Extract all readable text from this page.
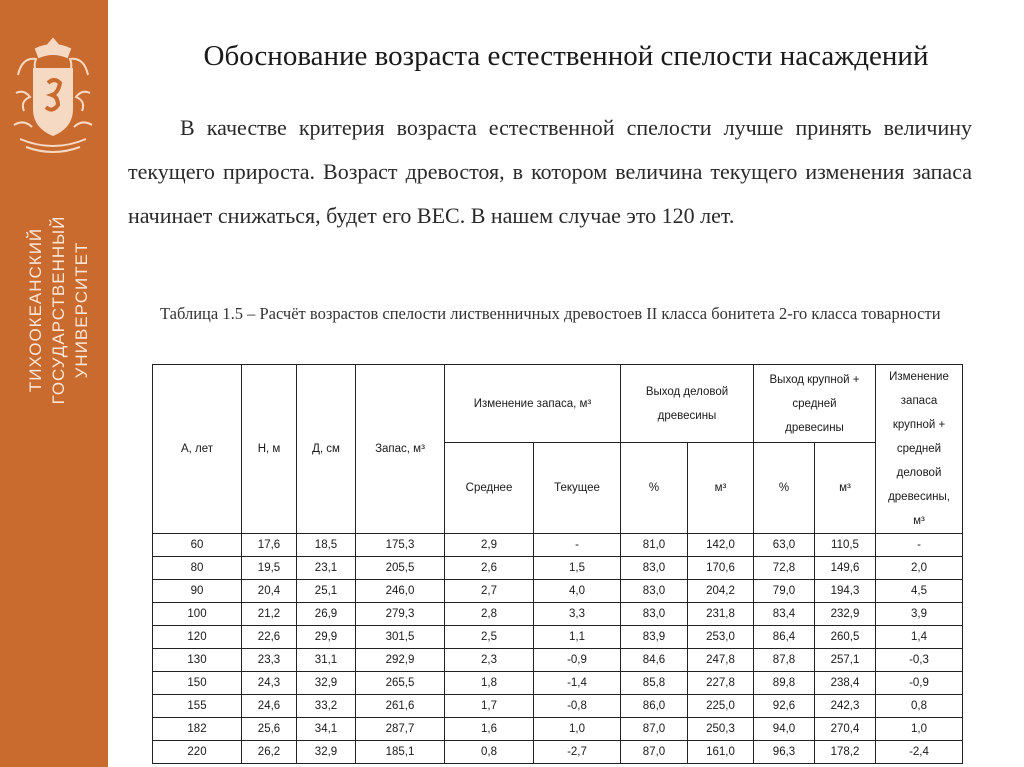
ТИХООКЕАНСКИЙ ГОСУДАРСТВЕННЫЙ УНИВЕРСИТЕТ
Обоснование возраста естественной спелости насаждений
В качестве критерия возраста естественной спелости лучше принять величину текущего прироста. Возраст древостоя, в котором величина текущего изменения запаса начинает снижаться, будет его ВЕС. В нашем случае это 120 лет.
Таблица 1.5 – Расчёт возрастов спелости лиственничных древостоев II класса бонитета 2-го класса товарности
А, лет	Н, м	Д, см	Запас, м³	Изменение запаса, м³		Выход деловой древесины		Выход крупной + средней древесины		Изменение запаса крупной + средней деловой древесины, м³
				Среднее	Текущее	%	м³	%	м³	
60	17,6	18,5	175,3	2,9	-	81,0	142,0	63,0	110,5	-
80	19,5	23,1	205,5	2,6	1,5	83,0	170,6	72,8	149,6	2,0
90	20,4	25,1	246,0	2,7	4,0	83,0	204,2	79,0	194,3	4,5
100	21,2	26,9	279,3	2,8	3,3	83,0	231,8	83,4	232,9	3,9
120	22,6	29,9	301,5	2,5	1,1	83,9	253,0	86,4	260,5	1,4
130	23,3	31,1	292,9	2,3	-0,9	84,6	247,8	87,8	257,1	-0,3
150	24,3	32,9	265,5	1,8	-1,4	85,8	227,8	89,8	238,4	-0,9
155	24,6	33,2	261,6	1,7	-0,8	86,0	225,0	92,6	242,3	0,8
182	25,6	34,1	287,7	1,6	1,0	87,0	250,3	94,0	270,4	1,0
220	26,2	32,9	185,1	0,8	-2,7	87,0	161,0	96,3	178,2	-2,4
